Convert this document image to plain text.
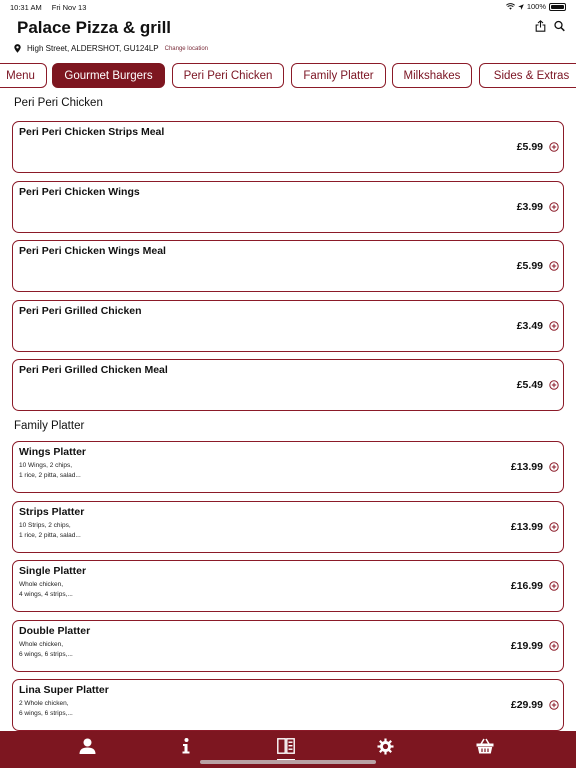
10:31 AM Fri Nov 13	100%
Palace Pizza & grill
High Street, ALDERSHOT, GU124LP Change location
Menu	Gourmet Burgers	Peri Peri Chicken	Family Platter	Milkshakes	Sides & Extras
Peri Peri Chicken
Peri Peri Chicken Strips Meal
£5.99
Peri Peri Chicken Wings
£3.99
Peri Peri Chicken Wings Meal
£5.99
Peri Peri Grilled Chicken
£3.49
Peri Peri Grilled Chicken Meal
£5.49
Family Platter
Wings Platter
10 Wings, 2 chips,
1 rice, 2 pitta, salad...
£13.99
Strips Platter
10 Strips, 2 chips,
1 rice, 2 pitta, salad...
£13.99
Single Platter
Whole chicken,
4 wings, 4 strips,...
£16.99
Double Platter
Whole chicken,
6 wings, 6 strips,...
£19.99
Lina Super Platter
2 Whole chicken,
6 wings, 6 strips,...
£29.99
